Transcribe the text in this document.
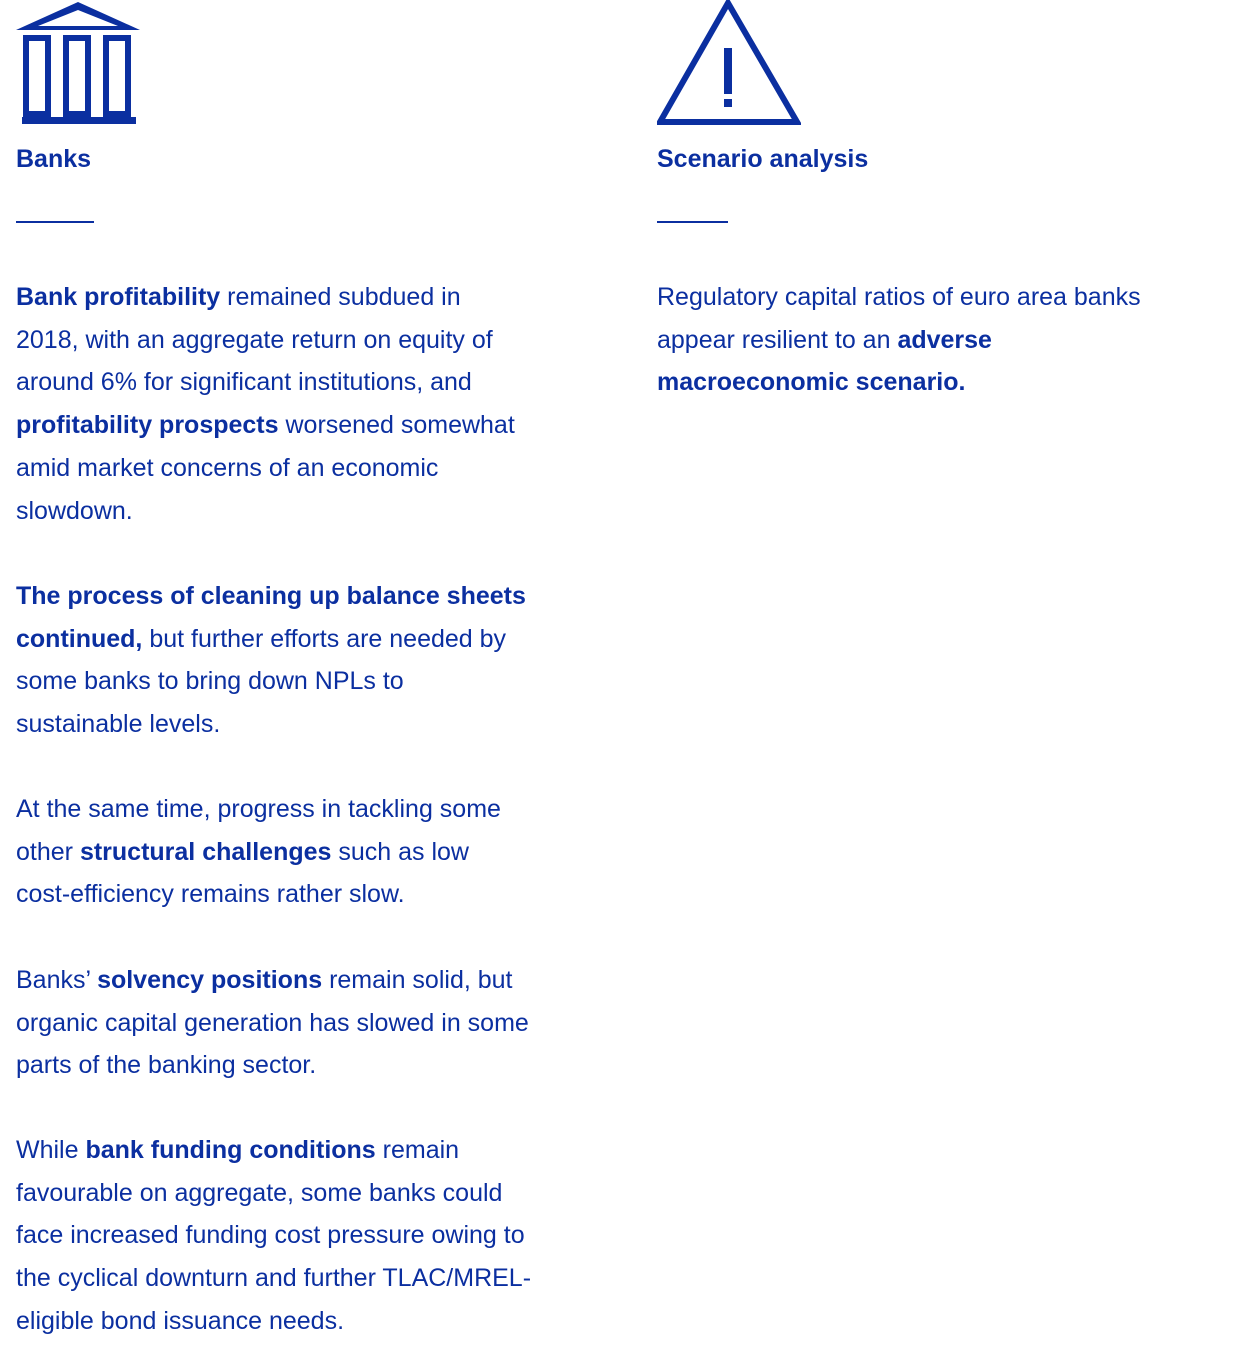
Banks

Bank profitability remained subdued in
2018, with an aggregate return on equity of
around 6% for significant institutions, and
profitability prospects worsened somewhat
amid market concerns of an economic
slowdown.

The process of cleaning up balance sheets
continued, but further efforts are needed by
some banks to bring down NPLs to
sustainable levels.

At the same time, progress in tackling some
other structural challenges such as low
cost-efficiency remains rather slow.

Banks’ solvency positions remain solid, but
organic capital generation has slowed in some
parts of the banking sector.

While bank funding conditions remain
favourable on aggregate, some banks could
face increased funding cost pressure owing to
the cyclical downturn and further TLAC/MREL-
eligible bond issuance needs.

Scenario analysis

Regulatory capital ratios of euro area banks
appear resilient to an adverse
macroeconomic scenario.
